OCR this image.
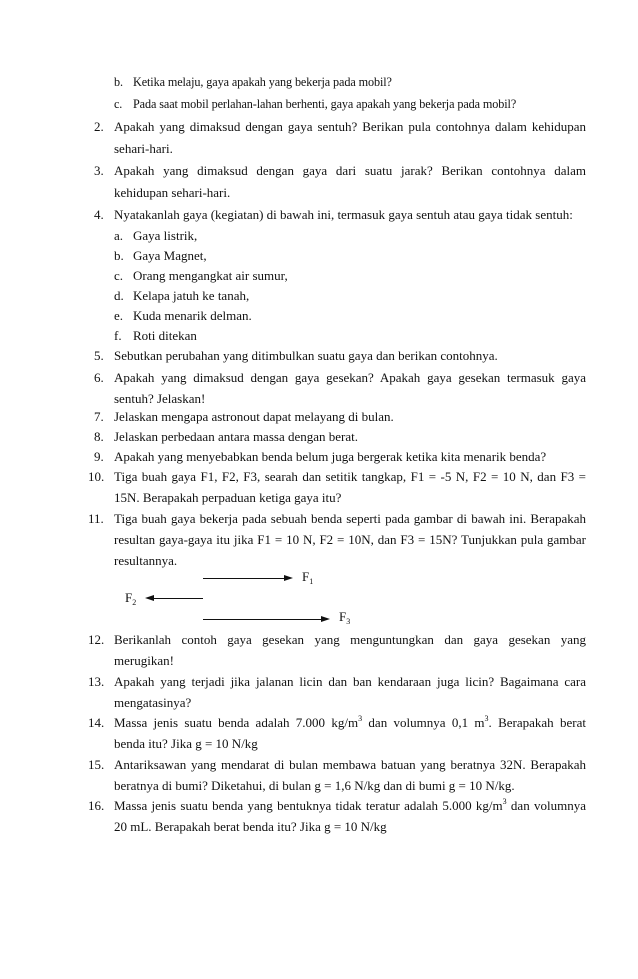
b. Ketika melaju, gaya apakah yang bekerja pada mobil?
c. Pada saat mobil perlahan-lahan berhenti, gaya apakah yang bekerja pada mobil?
2. Apakah yang dimaksud dengan gaya sentuh? Berikan pula contohnya dalam kehidupan
sehari-hari.
3. Apakah yang dimaksud dengan gaya dari suatu jarak? Berikan contohnya dalam
kehidupan sehari-hari.
4. Nyatakanlah gaya (kegiatan) di bawah ini, termasuk gaya sentuh atau gaya tidak sentuh:
a. Gaya listrik,
b. Gaya Magnet,
c. Orang mengangkat air sumur,
d. Kelapa jatuh ke tanah,
e. Kuda menarik delman.
f. Roti ditekan
5. Sebutkan perubahan yang ditimbulkan suatu gaya dan berikan contohnya.
6. Apakah yang dimaksud dengan gaya gesekan? Apakah gaya gesekan termasuk gaya
sentuh? Jelaskan!
7. Jelaskan mengapa astronout dapat melayang di bulan.
8. Jelaskan perbedaan antara massa dengan berat.
9. Apakah yang menyebabkan benda belum juga bergerak ketika kita menarik benda?
10. Tiga buah gaya F1, F2, F3, searah dan setitik tangkap, F1 = -5 N, F2 = 10 N, dan F3 =
15N. Berapakah perpaduan ketiga gaya itu?
11. Tiga buah gaya bekerja pada sebuah benda seperti pada gambar di bawah ini. Berapakah
resultan gaya-gaya itu jika F1 = 10 N, F2 = 10N, dan F3 = 15N? Tunjukkan pula gambar
resultannya.
$F_1$
$F_2$
$F_3$
12. Berikanlah contoh gaya gesekan yang menguntungkan dan gaya gesekan yang
merugikan!
13. Apakah yang terjadi jika jalanan licin dan ban kendaraan juga licin? Bagaimana cara
mengatasinya?
14. Massa jenis suatu benda adalah 7.000 $kg/m^3$ dan volumnya 0,1 $m^3$. Berapakah berat
benda itu? Jika g = 10 N/kg
15. Antariksawan yang mendarat di bulan membawa batuan yang beratnya 32N. Berapakah
beratnya di bumi? Diketahui, di bulan g = 1,6 N/kg dan di bumi g = 10 N/kg.
16. Massa jenis suatu benda yang bentuknya tidak teratur adalah 5.000 $kg/m^3$ dan volumnya
20 mL. Berapakah berat benda itu? Jika g = 10 N/kg
